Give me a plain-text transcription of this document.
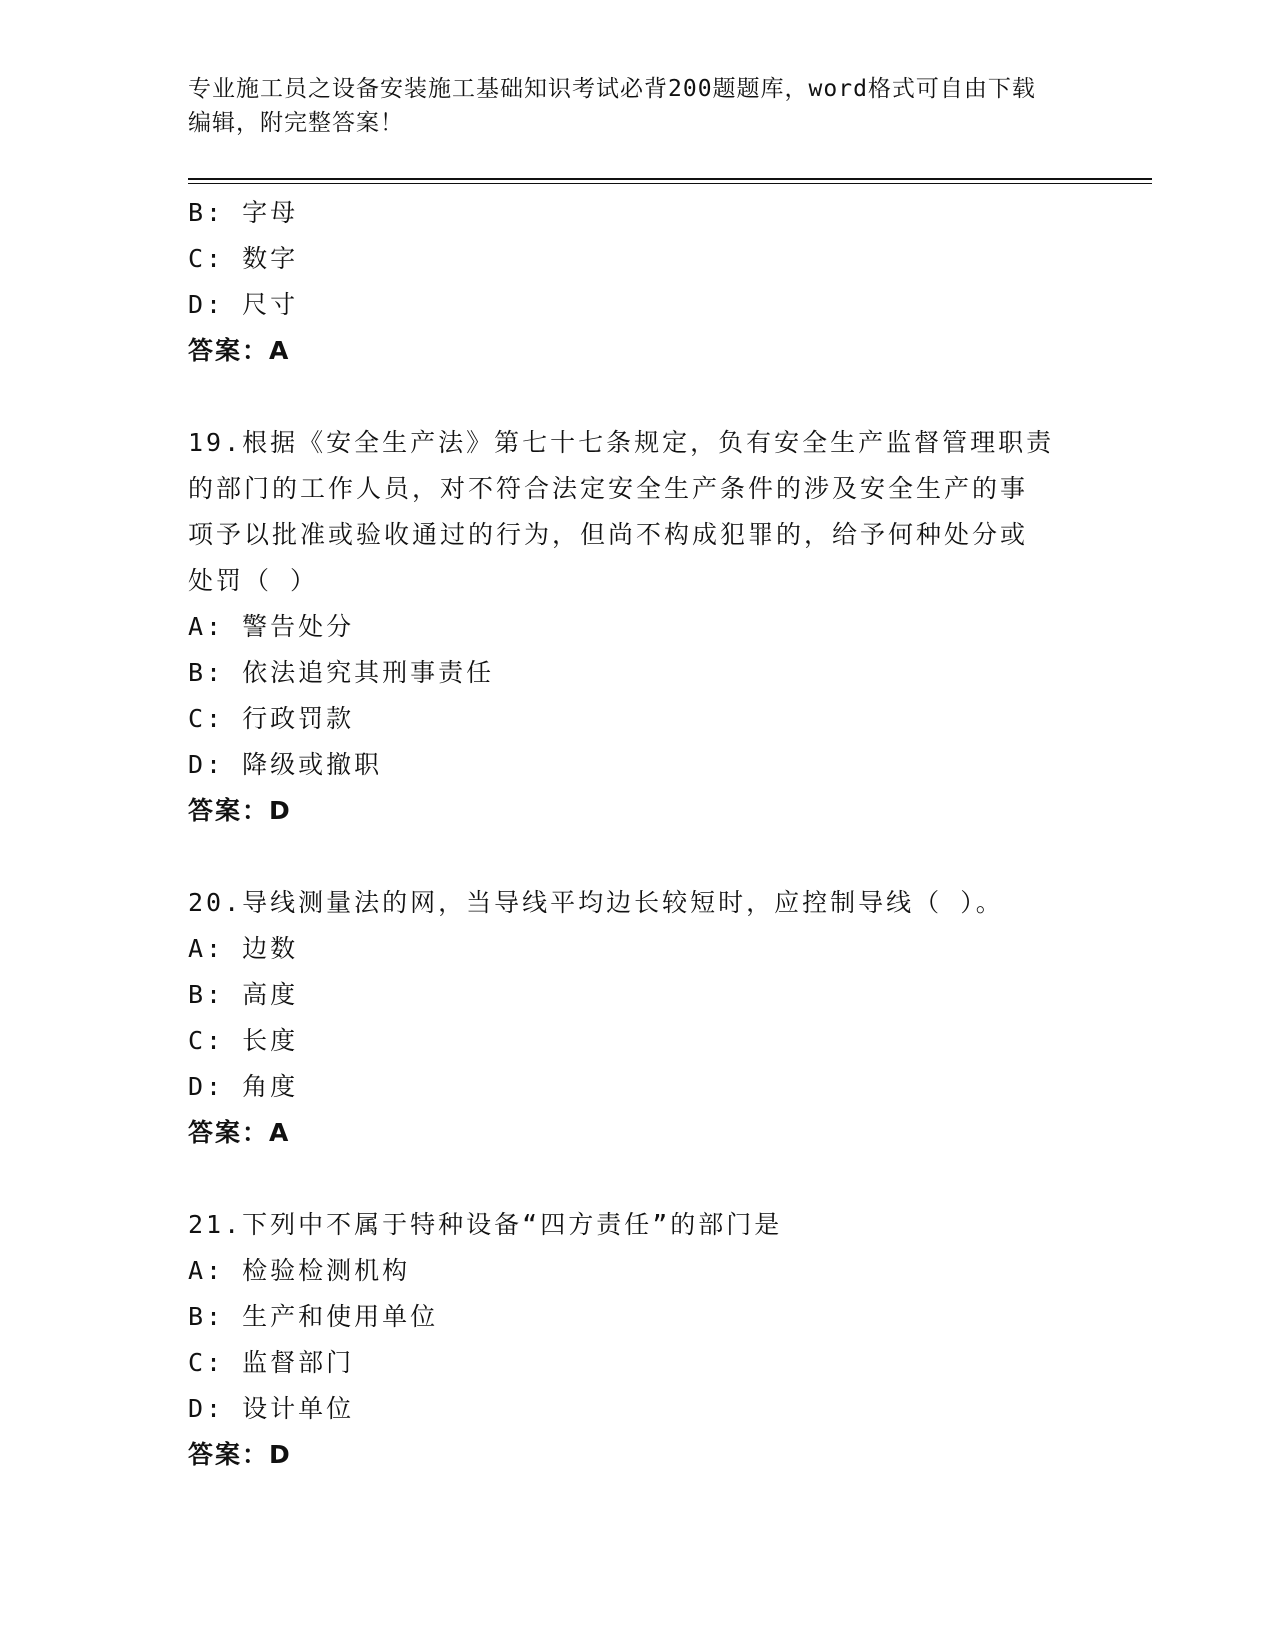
专业施工员之设备安装施工基础知识考试必背200题题库，word格式可自由下载
编辑，附完整答案！
B: 字母
C: 数字
D: 尺寸
答案：A
19.根据《安全生产法》第七十七条规定，负有安全生产监督管理职责
的部门的工作人员，对不符合法定安全生产条件的涉及安全生产的事
项予以批准或验收通过的行为，但尚不构成犯罪的，给予何种处分或
处罚（ ）
A: 警告处分
B: 依法追究其刑事责任
C: 行政罚款
D: 降级或撤职
答案：D
20.导线测量法的网，当导线平均边长较短时，应控制导线（ ）。
A: 边数
B: 高度
C: 长度
D: 角度
答案：A
21.下列中不属于特种设备“四方责任”的部门是
A: 检验检测机构
B: 生产和使用单位
C: 监督部门
D: 设计单位
答案：D
